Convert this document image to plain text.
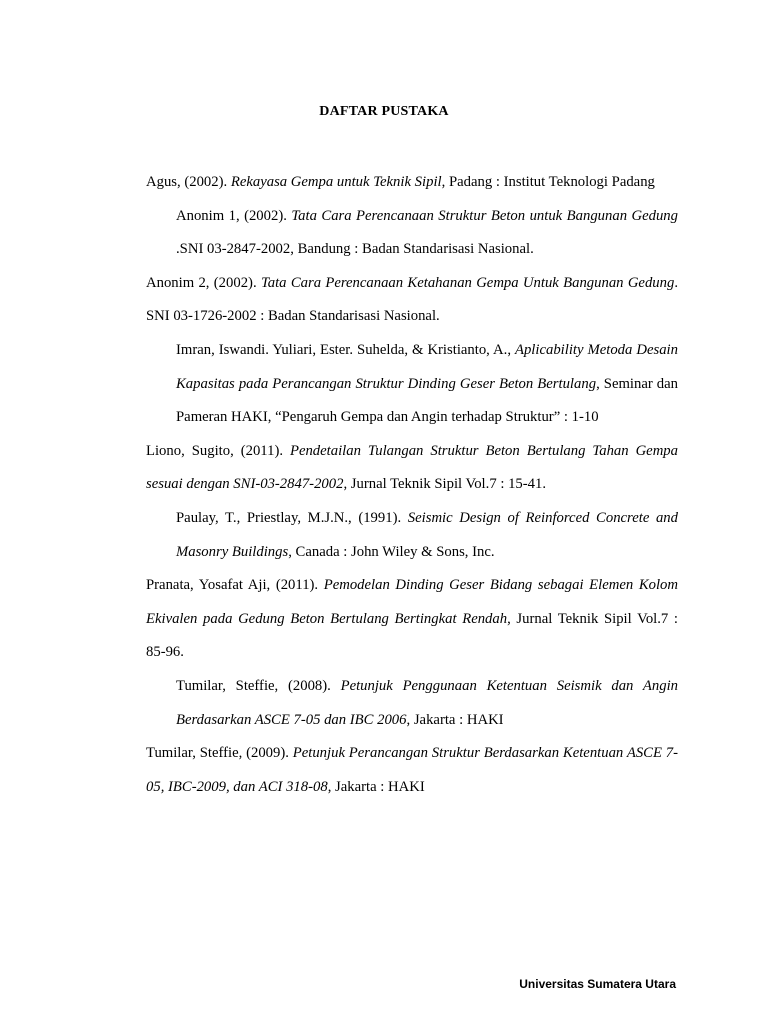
DAFTAR PUSTAKA

Agus, (2002). Rekayasa Gempa untuk Teknik Sipil, Padang : Institut Teknologi Padang

Anonim 1, (2002). Tata Cara Perencanaan Struktur Beton untuk Bangunan Gedung .SNI 03-2847-2002, Bandung : Badan Standarisasi Nasional.

Anonim 2, (2002). Tata Cara Perencanaan Ketahanan Gempa Untuk Bangunan Gedung. SNI 03-1726-2002 : Badan Standarisasi Nasional.

Imran, Iswandi. Yuliari, Ester. Suhelda, & Kristianto, A., Aplicability Metoda Desain Kapasitas pada Perancangan Struktur Dinding Geser Beton Bertulang, Seminar dan Pameran HAKI, “Pengaruh Gempa dan Angin terhadap Struktur” : 1-10

Liono, Sugito, (2011). Pendetailan Tulangan Struktur Beton Bertulang Tahan Gempa sesuai dengan SNI-03-2847-2002, Jurnal Teknik Sipil Vol.7 : 15-41.

Paulay, T., Priestlay, M.J.N., (1991). Seismic Design of Reinforced Concrete and Masonry Buildings, Canada : John Wiley & Sons, Inc.

Pranata, Yosafat Aji, (2011). Pemodelan Dinding Geser Bidang sebagai Elemen Kolom Ekivalen pada Gedung Beton Bertulang Bertingkat Rendah, Jurnal Teknik Sipil Vol.7 : 85-96.

Tumilar, Steffie, (2008). Petunjuk Penggunaan Ketentuan Seismik dan Angin Berdasarkan ASCE 7-05 dan IBC 2006, Jakarta : HAKI

Tumilar, Steffie, (2009). Petunjuk Perancangan Struktur Berdasarkan Ketentuan ASCE 7-05, IBC-2009, dan ACI 318-08, Jakarta : HAKI

Universitas Sumatera Utara
